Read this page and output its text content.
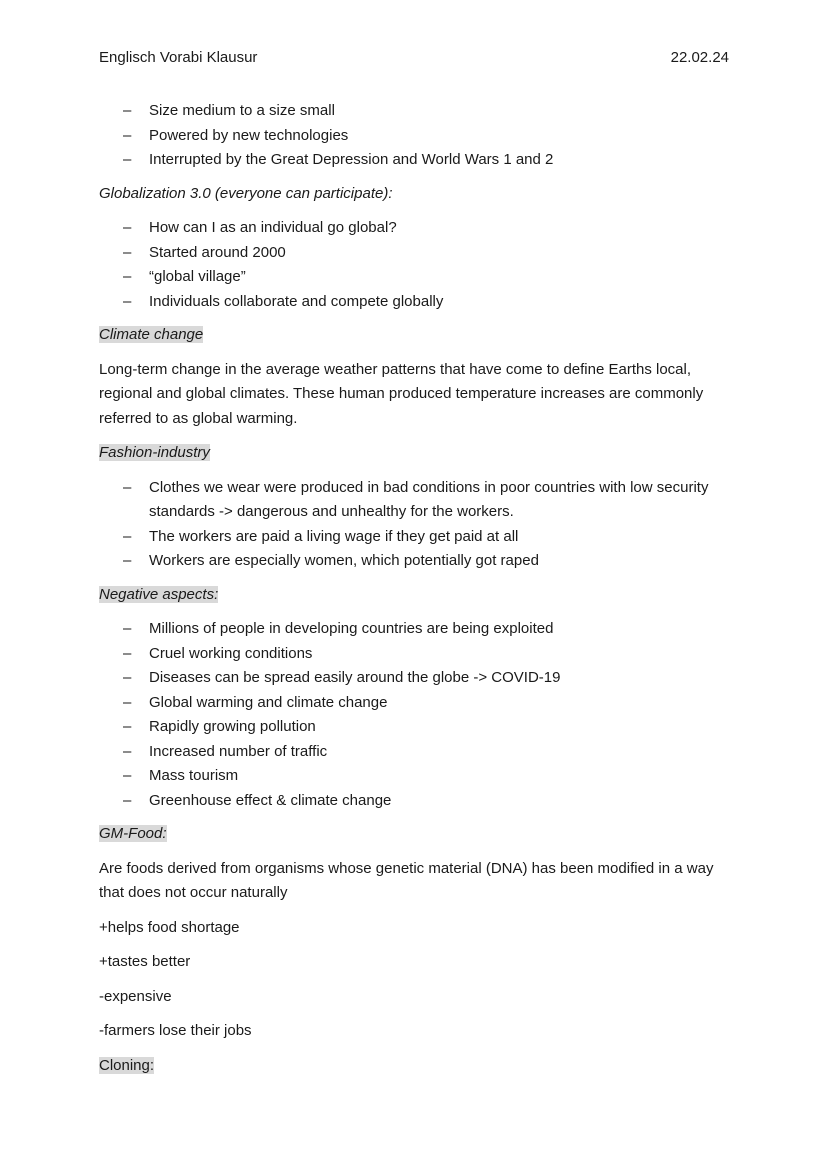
Englisch Vorabi Klausur	22.02.24
– Size medium to a size small
– Powered by new technologies
– Interrupted by the Great Depression and World Wars 1 and 2

Globalization 3.0 (everyone can participate):

– How can I as an individual go global?
– Started around 2000
– “global village”
– Individuals collaborate and compete globally

Climate change

Long-term change in the average weather patterns that have come to define Earths local, regional and global climates. These human produced temperature increases are commonly referred to as global warming.

Fashion-industry

– Clothes we wear were produced in bad conditions in poor countries with low security standards -> dangerous and unhealthy for the workers.
– The workers are paid a living wage if they get paid at all
– Workers are especially women, which potentially got raped

Negative aspects:

– Millions of people in developing countries are being exploited
– Cruel working conditions
– Diseases can be spread easily around the globe -> COVID-19
– Global warming and climate change
– Rapidly growing pollution
– Increased number of traffic
– Mass tourism
– Greenhouse effect & climate change

GM-Food:

Are foods derived from organisms whose genetic material (DNA) has been modified in a way that does not occur naturally

+helps food shortage

+tastes better

-expensive

-farmers lose their jobs

Cloning:
